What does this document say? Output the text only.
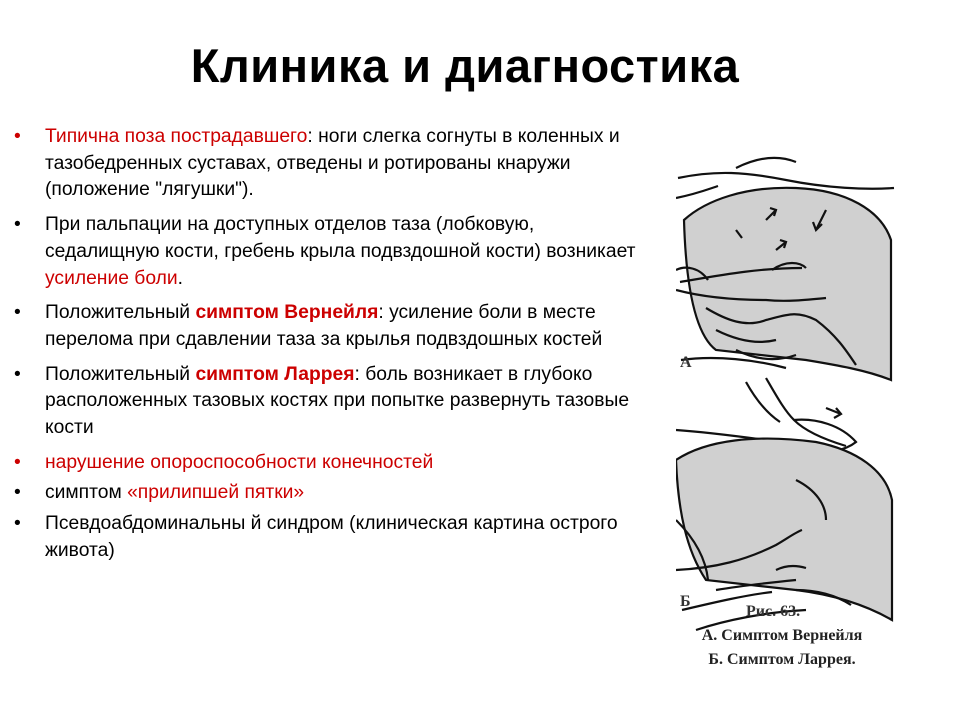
Клиника и диагностика
• Типична поза пострадавшего: ноги слегка согнуты в коленных и тазобедренных суставах, отведены и ротированы кнаружи (положение "лягушки").
• При пальпации на доступных отделов таза (лобковую, седалищную кости, гребень крыла подвздошной кости) возникает усиление боли.
• Положительный симптом Вернейля: усиление боли в месте перелома при сдавлении таза за крылья подвздошных костей
• Положительный симптом Ларрея: боль возникает в глубоко расположенных тазовых костях при попытке развернуть тазовые кости
• нарушение опороспособности конечностей
• симптом «прилипшей пятки»
• Псевдоабдоминальны й синдром (клиническая картина острого живота)
А
Б
Рис. 63.
А. Симптом Вернейля
Б. Симптом Ларрея.
